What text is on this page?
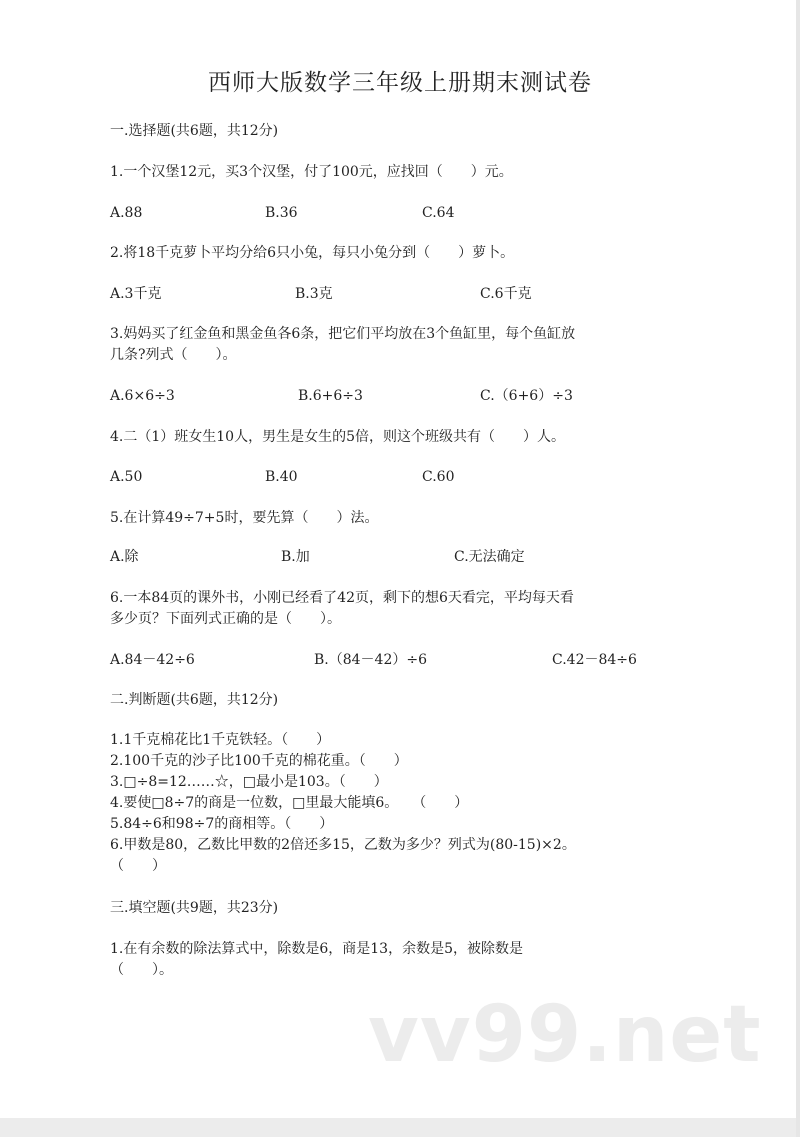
西师大版数学三年级上册期末测试卷
一.选择题(共6题，共12分)
1.一个汉堡12元，买3个汉堡，付了100元，应找回（　　）元。
A.88	B.36	C.64
2.将18千克萝卜平均分给6只小兔，每只小兔分到（　　）萝卜。
A.3千克	B.3克	C.6千克
3.妈妈买了红金鱼和黑金鱼各6条，把它们平均放在3个鱼缸里，每个鱼缸放
几条?列式（　　）。
A.6×6÷3	B.6+6÷3	C.（6+6）÷3
4.二（1）班女生10人，男生是女生的5倍，则这个班级共有（　　）人。
A.50	B.40	C.60
5.在计算49÷7+5时，要先算（　　）法。
A.除	B.加	C.无法确定
6.一本84页的课外书，小刚已经看了42页，剩下的想6天看完，平均每天看
多少页？下面列式正确的是（　　）。
A.84－42÷6	B.（84－42）÷6	C.42－84÷6
二.判断题(共6题，共12分)
1.1千克棉花比1千克铁轻。（　　）
2.100千克的沙子比100千克的棉花重。（　　）
3.□÷8=12……☆，□最小是103。（　　）
4.要使□8÷7的商是一位数，□里最大能填6。　　（　　）
5.84÷6和98÷7的商相等。（　　）
6.甲数是80，乙数比甲数的2倍还多15，乙数为多少？列式为(80-15)×2。
（　　）
三.填空题(共9题，共23分)
1.在有余数的除法算式中，除数是6，商是13，余数是5，被除数是
（　　）。
vv99.net
